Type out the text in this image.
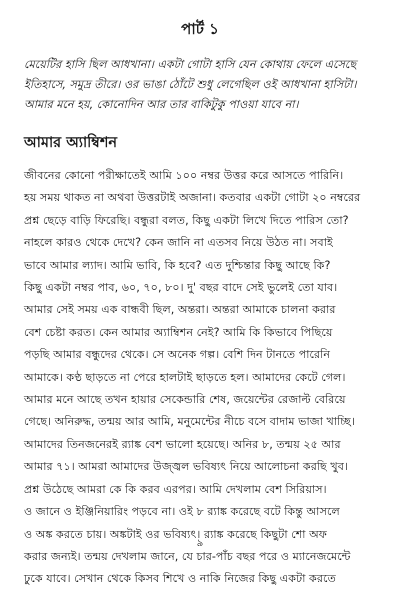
পার্ট ১

মেয়েটির হাসি ছিল আধখানা। একটা গোটা হাসি যেন কোথায় ফেলে এসেছে

ইতিহাসে, সমুদ্র তীরে। ওর ভাঙা ঠোঁটে শুধু লেগেছিল ওই আধখানা হাসিটা।

আমার মনে হয়, কোনোদিন আর তার বাকিটুকু পাওয়া যাবে না।

আমার অ্যাম্বিশন

জীবনের কোনো পরীক্ষাতেই আমি ১০০ নম্বর উত্তর করে আসতে পারিনি।

হয় সময় থাকত না অথবা উত্তরটাই অজানা। কতবার একটা গোটা ২০ নম্বরের

প্রশ্ন ছেড়ে বাড়ি ফিরেছি। বন্ধুরা বলত, কিছু একটা লিখে দিতে পারিস তো?

নাহলে কারও থেকে দেখে? কেন জানি না এতসব নিয়ে উঠত না। সবাই

ভাবে আমার ল্যাদ। আমি ভাবি, কি হবে? এত দুশ্চিন্তার কিছু আছে কি?

কিছু একটা নম্বর পাব, ৬০, ৭০, ৮০। দু' বছর বাদে সেই ভুলেই তো যাব।

আমার সেই সময় এক বান্ধবী ছিল, অন্তরা। অন্তরা আমাকে চালনা করার

বেশ চেষ্টা করত। কেন আমার অ্যাম্বিশন নেই? আমি কি কিভাবে পিছিয়ে

পড়ছি আমার বন্ধুদের থেকে। সে অনেক গল্প। বেশি দিন টানতে পারেনি

আমাকে। কণ্ঠ ছাড়তে না পেরে হালটাই ছাড়তে হল। আমাদের কেটে গেল।

আমার মনে আছে তখন হায়ার সেকেন্ডারি শেষ, জয়েন্টের রেজাল্ট বেরিয়ে

গেছে। অনিরুদ্ধ, তন্ময় আর আমি, মনুমেন্টের নীচে বসে বাদাম ভাজা খাচ্ছি।

আমাদের তিনজনেরই র‍্যাঙ্ক বেশ ভালো হয়েছে। অনির ৮, তন্ময় ২৫ আর

আমার ৭১। আমরা আমাদের উজ্জ্বল ভবিষ্যৎ নিয়ে আলোচনা করছি খুব।

প্রশ্ন উঠেছে আমরা কে কি করব এরপর। আমি দেখলাম বেশ সিরিয়াস।

ও জানে ও ইঞ্জিনিয়ারিং পড়বে না। ওই ৮ র‍্যাঙ্ক করেছে বটে কিন্তু আসলে

ও অঙ্ক করতে চায়। অঙ্কটাই ওর ভবিষ্যৎ। র‍্যাঙ্ক করেছে কিছুটা শো অফ

করার জন্যই। তন্ময় দেখলাম জানে, যে চার-পাঁচ বছর পরে ও ম্যানেজমেন্টে

ঢুকে যাবে। সেখান থেকে কিসব শিখে ও নাকি নিজের কিছু একটা করতে

৯
